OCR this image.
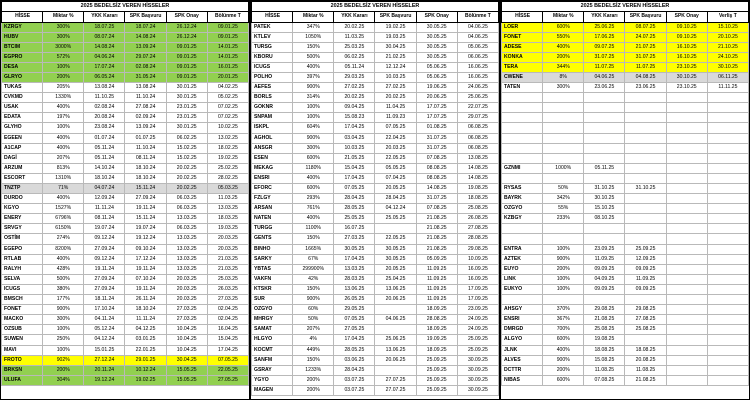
2025 BEDELSİZ VEREN HİSSELER					
HİSSE	Miktar %	YKK Kararı	SPK Başvuru	SPK Onay	Bölünme T
KZRGY	300%	18.07.25	18.07.24	26.12.24	09.01.25
HUBV	300%	08.07.24	14.08.24	26.12.24	09.01.25
BTCIM	3000%	14.08.24	13.09.24	09.01.25	14.01.25
EGPRO	572%	04.06.24	29.07.24	09.01.25	14.01.25
DESA	100%	17.07.24	02.08.24	09.01.25	16.01.25
GLRYO	200%	06.05.24	31.05.24	09.01.25	20.01.25
TUKAS	205%	13.08.24	13.08.24	30.01.25	04.02.25
CVKMD	1330%	11.10.25	11.10.24	30.01.25	05.02.25
USAK	400%	02.08.24	27.08.24	23.01.25	07.02.25
EDATA	197%	20.08.24	02.09.24	23.01.25	07.02.25
GLYHO	100%	23.08.24	13.09.24	30.01.25	10.02.25
EGEEN	400%	01.07.24	01.07.25	06.02.25	13.02.25
A1CAP	400%	05.11.24	11.10.24	15.02.25	18.02.25
DAGİ	207%	05.11.24	08.11.24	15.02.25	19.02.25
ARZUM	813%	14.10.24	18.10.24	20.02.25	25.02.25
ESCORT	1310%	18.10.24	18.10.24	20.02.25	28.02.25
TNZTP	71%	04.07.24	15.11.24	20.02.25	05.03.25
DURDO	400%	12.09.24	27.09.24	06.03.25	11.03.25
KGYO	1527%	11.11.24	19.11.24	06.03.25	13.03.25
ENERY	6796%	08.11.24	15.11.24	13.03.25	18.03.25
SRVGY	6150%	19.07.24	19.07.24	06.03.25	19.03.25
OSTİM	274%	09.12.24	19.12.24	13.03.25	20.03.25
EGEPO	8200%	27.09.24	09.10.24	13.03.25	20.03.25
RTLAB	400%	09.12.24	17.12.24	13.03.25	21.03.25
RALYH	428%	19.11.24	19.11.24	13.03.25	21.03.25
SELVA	500%	27.09.24	07.10.24	20.03.25	25.03.25
ICUGS	380%	27.09.24	19.11.24	20.03.25	26.03.25
BMSCH	177%	18.11.24	26.11.24	20.03.25	27.03.25
FONET	900%	17.10.24	18.10.24	27.03.25	02.04.25
MACKO	300%	04.11.24	11.11.24	27.03.25	02.04.25
OZSUB	100%	05.12.24	04.12.25	10.04.25	16.04.25
SUWEN	250%	04.12.24	03.01.25	10.04.25	15.04.25
MAVI	100%	15.01.25	22.01.25	10.04.25	17.04.25
FROTO	902%	27.12.24	29.01.25	30.04.25	07.05.25
BRKSN	200%	20.11.24	10.12.24	15.05.25	22.05.25
ULUFA	304%	19.12.24	19.02.25	15.05.25	27.05.25
2025 BEDELSİZ VEREN HİSSELER					
HİSSE	Miktar %	YKK Kararı	SPK Başvuru	SPK Onay	Bölünme T
PATEK	347%	20.02.25	19.02.25	30.05.25	04.06.25
KTLEV	1050%	11.03.25	19.03.25	30.05.25	04.06.25
TURSG	150%	25.03.25	30.04.25	30.05.25	05.06.25
KBORU	500%	06.02.25	21.02.25	30.05.25	06.06.25
ICUGS	400%	05.11.24	12.12.24	05.06.25	16.06.25
POLHO	397%	29.03.25	10.03.25	05.06.25	16.06.25
AEFES	900%	27.02.25	27.02.25	19.06.25	24.06.25
BORLS	314%	20.02.25	20.02.25	20.06.25	25.06.25
GOKNR	100%	09.04.25	11.04.25	17.07.25	22.07.25
SNPAM	100%	15.08.23	11.09.23	17.07.25	29.07.25
ISKPL	604%	17.04.25	07.05.25	01.08.25	06.08.25
AGHOL	900%	03.04.25	22.04.25	31.07.25	06.08.25
ANSGR	300%	10.03.25	20.03.25	31.07.25	06.08.25
ESEN	600%	21.05.25	22.05.25	07.08.25	13.08.25
MEKAG	1180%	15.04.25	05.05.25	08.08.25	14.08.25
ENSRI	400%	17.04.25	07.04.25	08.08.25	14.08.25
EFORC	600%	07.05.25	20.05.25	14.08.25	19.08.25
FZLGY	293%	28.04.25	28.04.25	31.07.25	18.08.25
ARSAN	761%	28.05.25	04.12.24	07.08.25	25.08.25
NATEN	400%	25.05.25	25.05.25	21.08.25	26.08.25
TURGG	1100%	16.07.25		21.08.25	27.08.25
GENTS	150%	27.03.25	22.05.25	21.08.25	28.08.25
BINHO	1665%	30.05.25	30.05.25	21.08.25	29.08.25
SARKY	67%	17.04.25	30.05.25	05.09.25	10.09.25
YBTAS	299900%	13.03.25	20.05.25	11.09.25	16.09.25
VAKFN	42%	28.03.25	25.04.25	11.09.25	16.09.25
KTSKR	150%	13.06.25	13.06.25	11.09.25	17.09.25
SUR	900%	26.05.25	20.06.25	11.09.25	17.09.25
OZGYO	60%	29.05.25		18.09.25	23.09.25
MHRGY	50%	07.05.25	04.06.25	28.08.25	24.09.25
SAMAT	207%	27.05.25		18.09.25	24.09.25
HLGYO	4%	17.04.25	25.06.25	19.09.25	25.09.25
KOCMT	449%	28.05.25	13.06.25	18.09.25	25.09.25
SANFM	150%	03.06.25	20.06.25	25.09.25	30.09.25
GSRAY	1233%	28.04.25		25.09.25	30.09.25
YGYO	200%	03.07.25	27.07.25	25.09.25	30.09.25
MAGEN	200%	03.07.25	27.07.25	25.09.25	30.09.25
2025 BEDELSİZ VEREN HİSSELER					
HİSSE	Miktar %	YKK Kararı	SPK Başvuru	SPK Onay	Verliş T
LOER	600%	25.06.25	08.07.25	09.10.25	15.10.25
FONET	550%	17.06.25	24.07.25	09.10.25	20.10.25
ADESE	400%	09.07.25	21.07.25	16.10.25	21.10.25
KONKA	200%	31.07.25	31.07.25	16.10.25	24.10.25
TERA	344%	11.07.25	11.07.25	23.10.25	30.10.25
CWENE	8%	04.06.25	04.08.25	30.10.25	06.11.25
TATEN	300%	23.06.25	23.06.25	23.10.25	11.11.25

GZNMI	1000%	05.11.25			

RYSAS	50%	31.10.25	31.10.25		
BAYRK	342%	30.10.25			
OZGYO	55%	15.10.25			
KZBGY	233%	08.10.25			

ENTRA	100%	23.09.25	25.09.25		
AZTEK	900%	11.09.25	12.09.25		
EUYO	200%	09.09.25	09.09.25		
LINK	100%	04.09.25	11.09.25		
EUKYO	100%	09.09.25	09.09.25		

AHSGY	370%	29.08.25	29.08.25		
ENSRI	367%	21.08.25	27.08.25		
DMRGD	700%	25.08.25	25.08.25		
ALGYO	600%	19.08.25			
JLNK	400%	18.08.25	18.08.25		
ALVES	900%	15.08.25	20.08.25		
DCTTR	200%	11.08.25	11.08.25		
NIBAS	600%	07.08.25	21.08.25		
